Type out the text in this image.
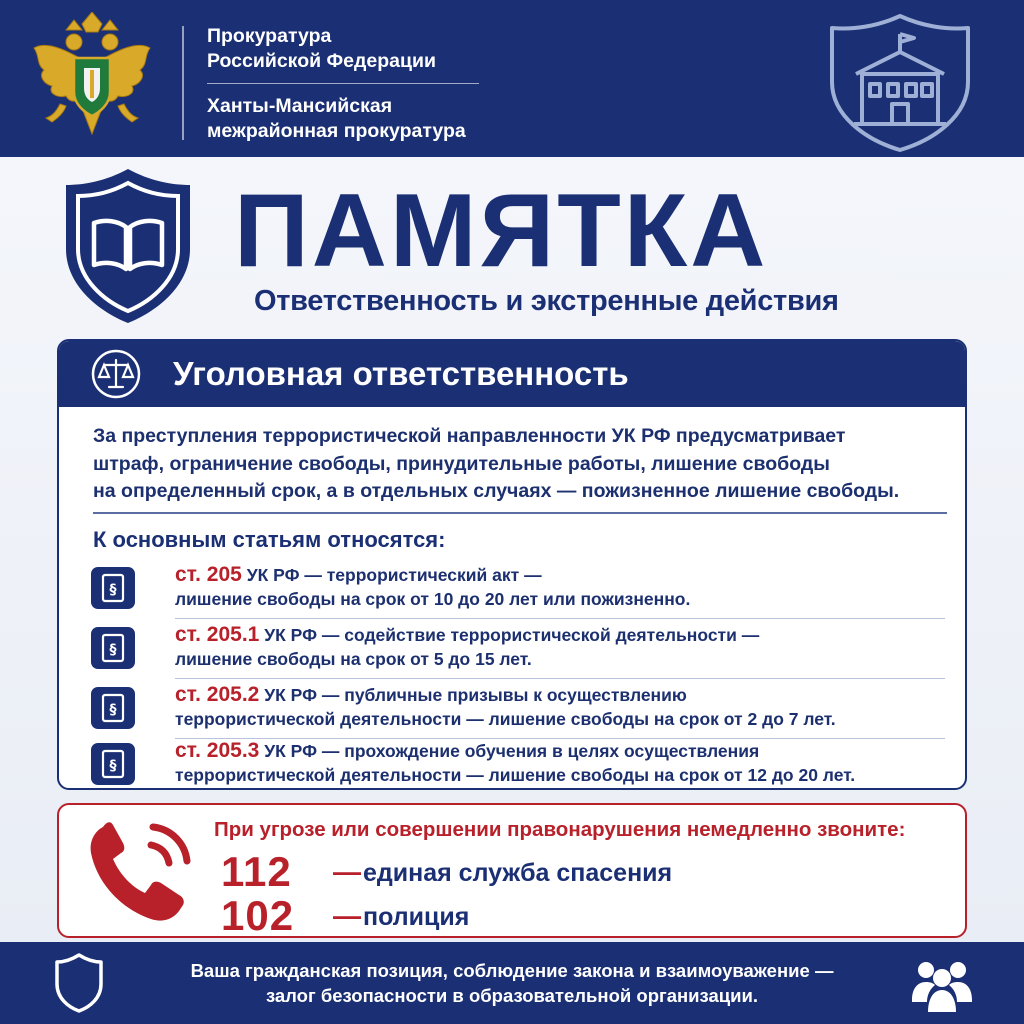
Прокуратура
Российской Федерации
Ханты-Мансийская
межрайонная прокуратура
ПАМЯТКА
Ответственность и экстренные действия
Уголовная ответственность
За преступления террористической направленности УК РФ предусматривает
штраф, ограничение свободы, принудительные работы, лишение свободы
на определенный срок, а в отдельных случаях — пожизненное лишение свободы.
К основным статьям относятся:
§
ст. 205 УК РФ — террористический акт —
лишение свободы на срок от 10 до 20 лет или пожизненно.
§
ст. 205.1 УК РФ — содействие террористической деятельности —
лишение свободы на срок от 5 до 15 лет.
§
ст. 205.2 УК РФ — публичные призывы к осуществлению
террористической деятельности — лишение свободы на срок от 2 до 7 лет.
§
ст. 205.3 УК РФ — прохождение обучения в целях осуществления
террористической деятельности — лишение свободы на срок от 12 до 20 лет.
При угрозе или совершении правонарушения немедленно звоните:
112 — единая служба спасения
102 — полиция
Ваша гражданская позиция, соблюдение закона и взаимоуважение —
залог безопасности в образовательной организации.
